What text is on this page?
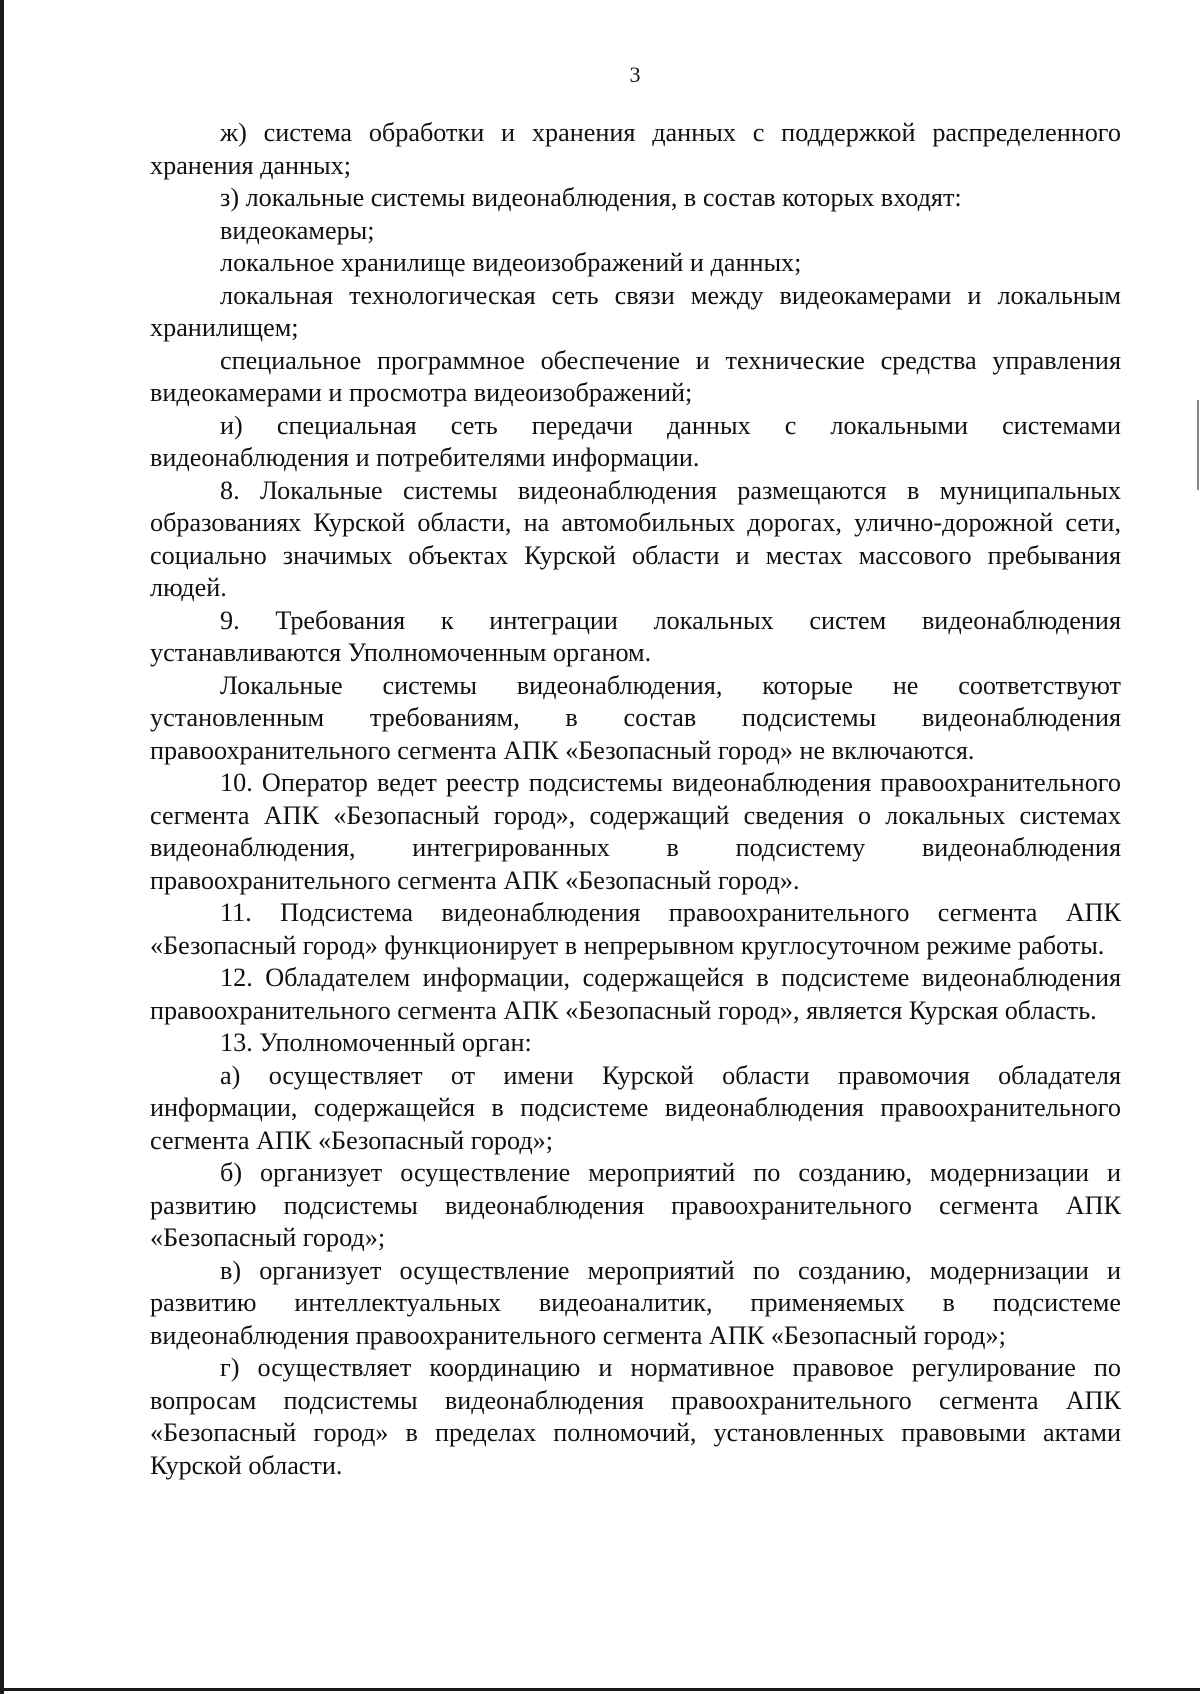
3

ж) система обработки и хранения данных с поддержкой распределенного хранения данных;

з) локальные системы видеонаблюдения, в состав которых входят:

видеокамеры;

локальное хранилище видеоизображений и данных;

локальная технологическая сеть связи между видеокамерами и локальным хранилищем;

специальное программное обеспечение и технические средства управления видеокамерами и просмотра видеоизображений;

и) специальная сеть передачи данных с локальными системами видеонаблюдения и потребителями информации.

8. Локальные системы видеонаблюдения размещаются в муниципальных образованиях Курской области, на автомобильных дорогах, улично-дорожной сети, социально значимых объектах Курской области и местах массового пребывания людей.

9. Требования к интеграции локальных систем видеонаблюдения устанавливаются Уполномоченным органом.

Локальные системы видеонаблюдения, которые не соответствуют установленным требованиям, в состав подсистемы видеонаблюдения правоохранительного сегмента АПК «Безопасный город» не включаются.

10. Оператор ведет реестр подсистемы видеонаблюдения правоохранительного сегмента АПК «Безопасный город», содержащий сведения о локальных системах видеонаблюдения, интегрированных в подсистему видеонаблюдения правоохранительного сегмента АПК «Безопасный город».

11. Подсистема видеонаблюдения правоохранительного сегмента АПК «Безопасный город» функционирует в непрерывном круглосуточном режиме работы.

12. Обладателем информации, содержащейся в подсистеме видеонаблюдения правоохранительного сегмента АПК «Безопасный город», является Курская область.

13. Уполномоченный орган:

а) осуществляет от имени Курской области правомочия обладателя информации, содержащейся в подсистеме видеонаблюдения правоохранительного сегмента АПК «Безопасный город»;

б) организует осуществление мероприятий по созданию, модернизации и развитию подсистемы видеонаблюдения правоохранительного сегмента АПК «Безопасный город»;

в) организует осуществление мероприятий по созданию, модернизации и развитию интеллектуальных видеоаналитик, применяемых в подсистеме видеонаблюдения правоохранительного сегмента АПК «Безопасный город»;

г) осуществляет координацию и нормативное правовое регулирование по вопросам подсистемы видеонаблюдения правоохранительного сегмента АПК «Безопасный город» в пределах полномочий, установленных правовыми актами Курской области.
